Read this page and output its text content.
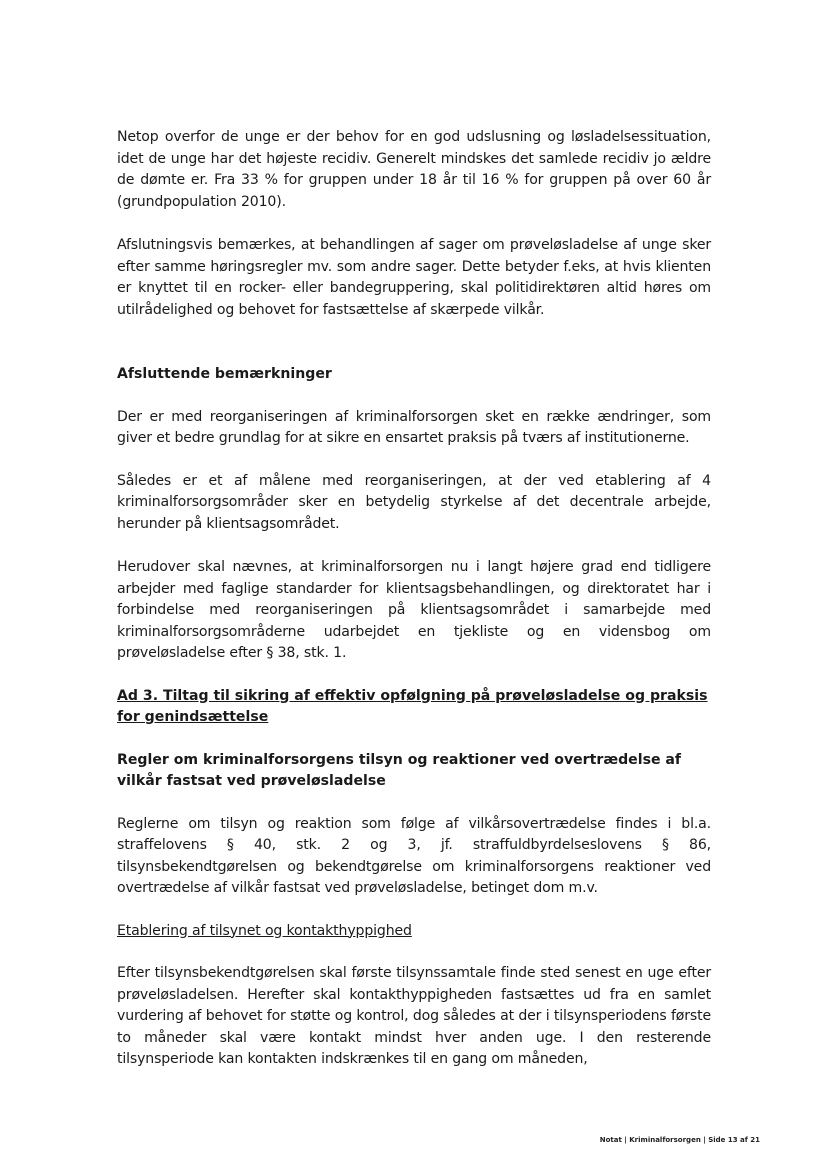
Netop overfor de unge er der behov for en god udslusning og løsladelsessituation, idet de unge har det højeste recidiv. Generelt mindskes det samlede recidiv jo ældre de dømte er. Fra 33 % for gruppen under 18 år til 16 % for gruppen på over 60 år (grundpopulation 2010).

Afslutningsvis bemærkes, at behandlingen af sager om prøveløsladelse af unge sker efter samme høringsregler mv. som andre sager. Dette betyder f.eks, at hvis klienten er knyttet til en rocker- eller bandegruppering, skal politidirektøren altid høres om utilrådelighed og behovet for fastsættelse af skærpede vilkår.

Afsluttende bemærkninger

Der er med reorganiseringen af kriminalforsorgen sket en række ændringer, som giver et bedre grundlag for at sikre en ensartet praksis på tværs af institutionerne.

Således er et af målene med reorganiseringen, at der ved etablering af 4 kriminalforsorgsområder sker en betydelig styrkelse af det decentrale arbejde, herunder på klientsagsområdet.

Herudover skal nævnes, at kriminalforsorgen nu i langt højere grad end tidligere arbejder med faglige standarder for klientsagsbehandlingen, og direktoratet har i forbindelse med reorganiseringen på klientsagsområdet i samarbejde med kriminalforsorgsområderne udarbejdet en tjekliste og en vidensbog om prøveløsladelse efter § 38, stk. 1.

Ad 3. Tiltag til sikring af effektiv opfølgning på prøveløsladelse og praksis for genindsættelse

Regler om kriminalforsorgens tilsyn og reaktioner ved overtrædelse af vilkår fastsat ved prøveløsladelse

Reglerne om tilsyn og reaktion som følge af vilkårsovertrædelse findes i bl.a. straffelovens § 40, stk. 2 og 3, jf. straffuldbyrdelseslovens § 86, tilsynsbekendtgørelsen og bekendtgørelse om kriminalforsorgens reaktioner ved overtrædelse af vilkår fastsat ved prøveløsladelse, betinget dom m.v.

Etablering af tilsynet og kontakthyppighed

Efter tilsynsbekendtgørelsen skal første tilsynssamtale finde sted senest en uge efter prøveløsladelsen. Herefter skal kontakthyppigheden fastsættes ud fra en samlet vurdering af behovet for støtte og kontrol, dog således at der i tilsynsperiodens første to måneder skal være kontakt mindst hver anden uge. I den resterende tilsynsperiode kan kontakten indskrænkes til en gang om måneden,

Notat | Kriminalforsorgen | Side 13 af 21
